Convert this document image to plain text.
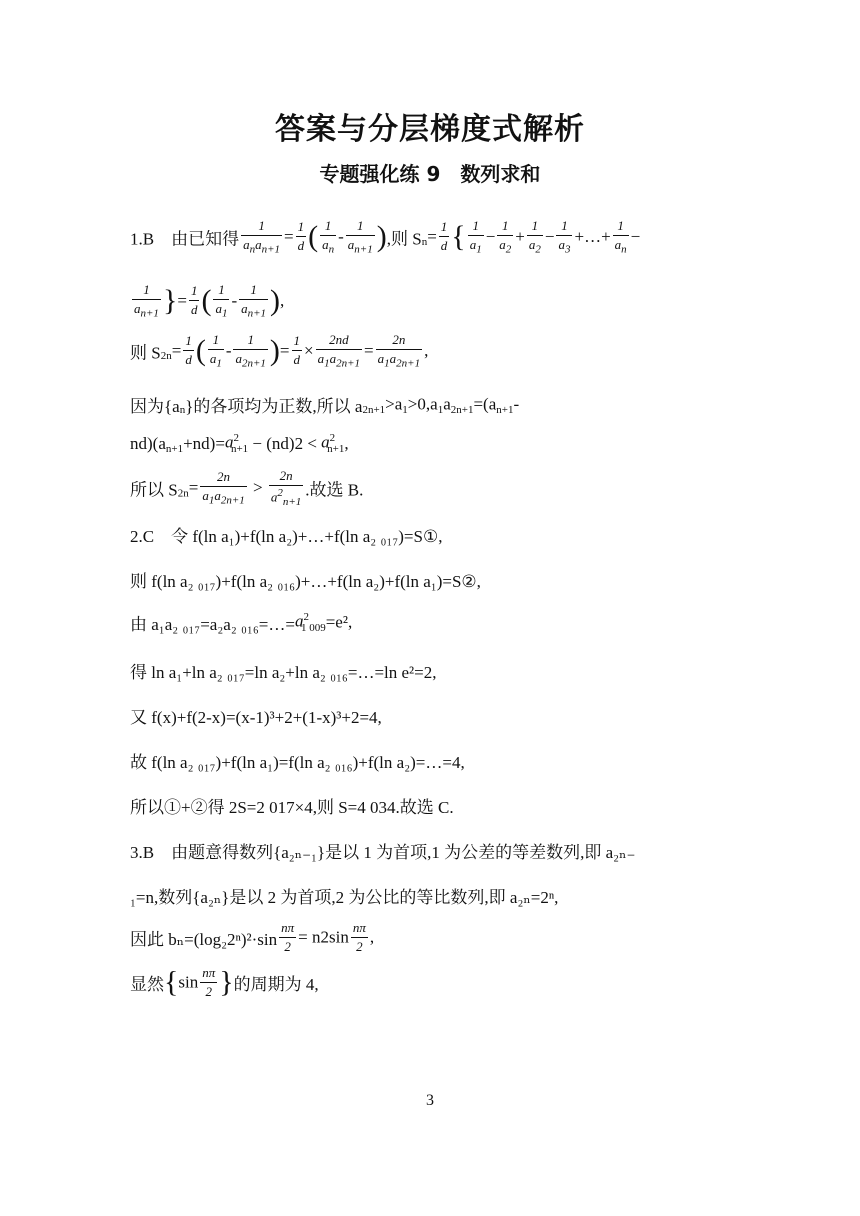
答案与分层梯度式解析
专题强化练 9　数列求和
1.B　由已知得 $\frac{1}{a_na_{n+1}} = \frac{1}{d}$ ( $\frac{1}{a_n} - \frac{1}{a_{n+1}}$ ),则 $S_n= \frac{1}{d}$ { $\frac{1}{a_1} - \frac{1}{a_2} + \frac{1}{a_2} - \frac{1}{a_3}$ +…+ $\frac{1}{a_n}$ −
$\frac{1}{a_{n+1}}$ }= $\frac{1}{d}$ ( $\frac{1}{a_1} - \frac{1}{a_{n+1}}$ ),
则 $S_{2n}= \frac{1}{d}$ ( $\frac{1}{a_1} - \frac{1}{a_{2n+1}}$ )= $\frac{1}{d} \times \frac{2nd}{a_1a_{2n+1}} = \frac{2n}{a_1a_{2n+1}}$ ,
因为$\{a_n\}$的各项均为正数,所以 $a_{2n+1}>a_1>0,a_1a_{2n+1}=(a_{n+1}-$
$nd)(a_{n+1}+nd)=a^2_{n+1} - (nd)2 < a^2_{n+1}$,
所以 $S_{2n}= \frac{2n}{a_1a_{2n+1}} > \frac{2n}{a^2_{n+1}}$ .故选 B.
2.C　令 f(ln a₁)+f(ln a₂)+…+f(ln a₂ ₀₁₇)=S①,
则 f(ln a₂ ₀₁₇)+f(ln a₂ ₀₁₆)+…+f(ln a₂)+f(ln a₁)=S②,
由 a₁a₂ ₀₁₇=a₂a₂ $_{016}=\dots=a^2_{1 009}=e^2$,
得 ln a₁+ln a₂ ₀₁₇=ln a₂+ln a₂ ₀₁₆=…=ln e²=2,
又 f(x)+f(2-x)=(x-1)³+2+(1-x)³+2=4,
故 f(ln a₂ ₀₁₇)+f(ln a₁)=f(ln a₂ ₀₁₆)+f(ln a₂)=…=4,
所以①+②得 2S=2 017×4,则 S=4 034.故选 C.
3.B　由题意得数列{a₂ₙ₋₁}是以 1 为首项,1 为公差的等差数列,即 a₂ₙ₋
₁=n,数列{a₂ₙ}是以 2 为首项,2 为公比的等比数列,即 a₂ₙ=2ⁿ,
因此 $b_n=(\log_22^n)^2\cdot\sin \frac{n\pi}{2} = n2\sin \frac{n\pi}{2}$ ,
显然{$\sin \frac{n\pi}{2}$ }的周期为 4,
3
